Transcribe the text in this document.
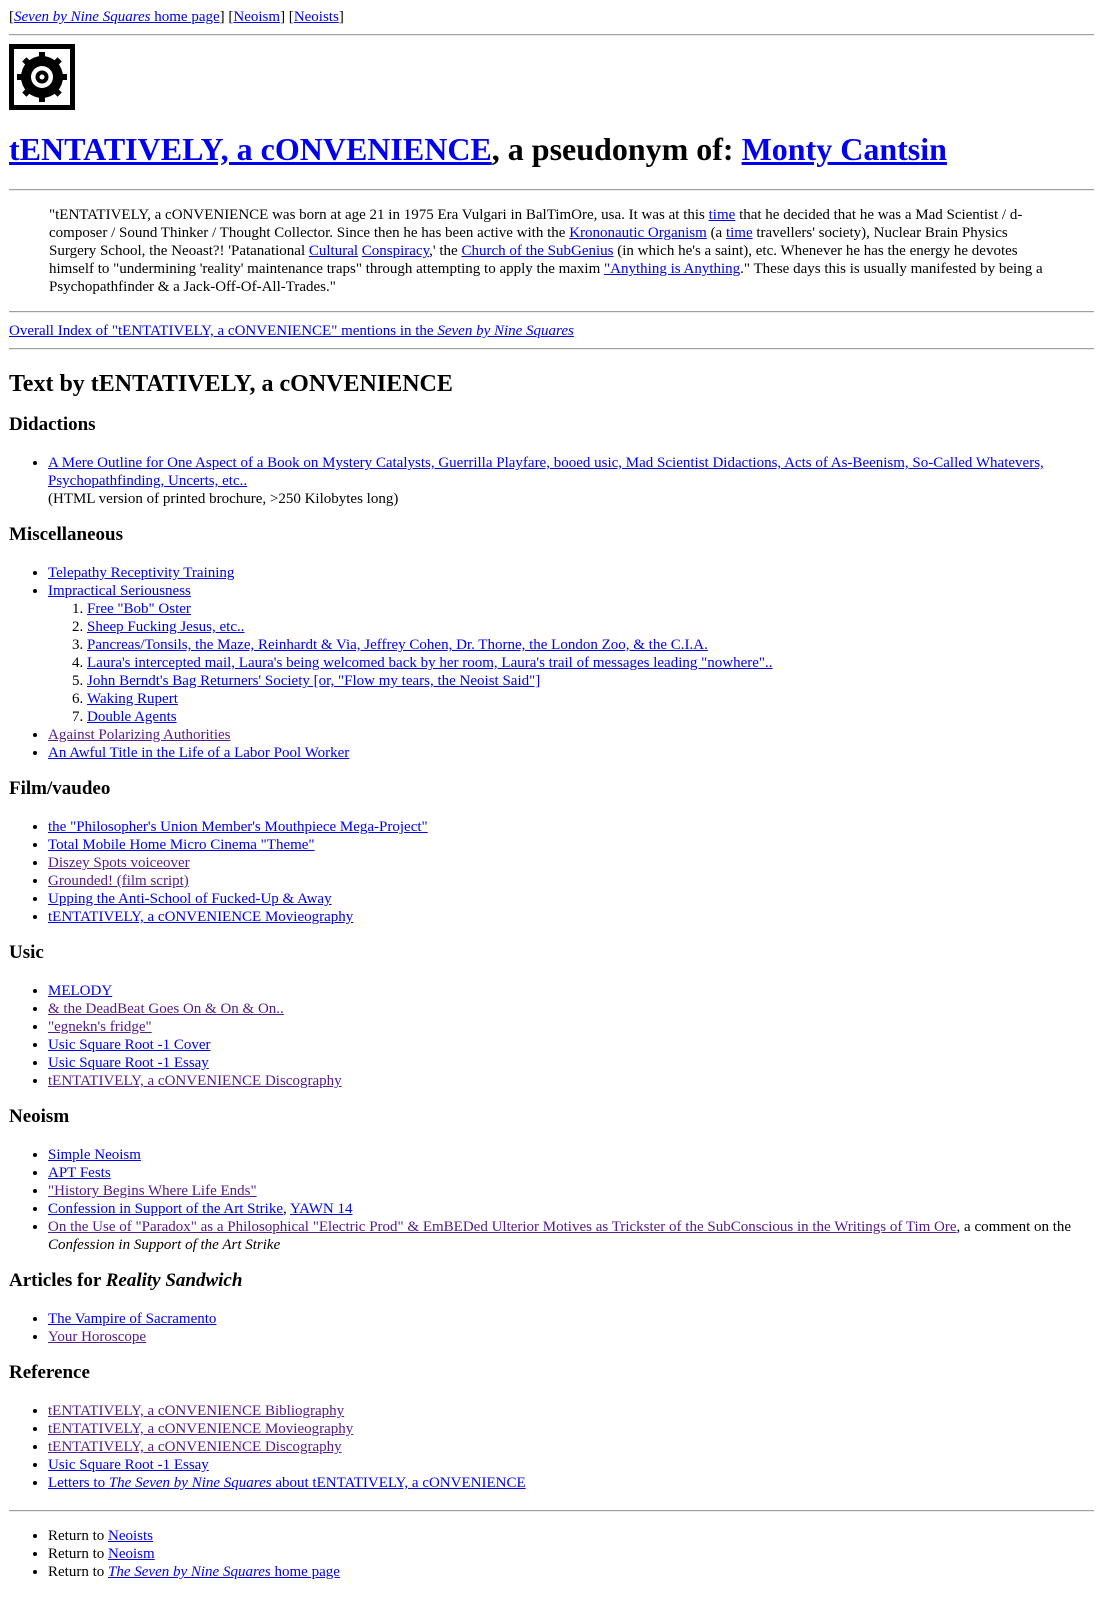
[Seven by Nine Squares home page] [Neoism] [Neoists]
tENTATIVELY, a cONVENIENCE, a pseudonym of: Monty Cantsin
"tENTATIVELY, a cONVENIENCE was born at age 21 in 1975 Era Vulgari in BalTimOre, usa. It was at this time that he decided that he was a Mad Scientist / d-composer / Sound Thinker / Thought Collector. Since then he has been active with the Krononautic Organism (a time travellers' society), Nuclear Brain Physics Surgery School, the Neoast?! 'Patanational Cultural Conspiracy,' the Church of the SubGenius (in which he's a saint), etc. Whenever he has the energy he devotes himself to "undermining 'reality' maintenance traps" through attempting to apply the maxim "Anything is Anything." These days this is usually manifested by being a Psychopathfinder & a Jack-Off-Of-All-Trades."
Overall Index of "tENTATIVELY, a cONVENIENCE" mentions in the Seven by Nine Squares
Text by tENTATIVELY, a cONVENIENCE
Didactions
• A Mere Outline for One Aspect of a Book on Mystery Catalysts, Guerrilla Playfare, booed usic, Mad Scientist Didactions, Acts of As-Beenism, So-Called Whatevers, Psychopathfinding, Uncerts, etc..
(HTML version of printed brochure, >250 Kilobytes long)
Miscellaneous
• Telepathy Receptivity Training
• Impractical Seriousness
1. Free "Bob" Oster
2. Sheep Fucking Jesus, etc..
3. Pancreas/Tonsils, the Maze, Reinhardt & Via, Jeffrey Cohen, Dr. Thorne, the London Zoo, & the C.I.A.
4. Laura's intercepted mail, Laura's being welcomed back by her room, Laura's trail of messages leading "nowhere"..
5. John Berndt's Bag Returners' Society [or, "Flow my tears, the Neoist Said"]
6. Waking Rupert
7. Double Agents
• Against Polarizing Authorities
• An Awful Title in the Life of a Labor Pool Worker
Film/vaudeo
• the "Philosopher's Union Member's Mouthpiece Mega-Project"
• Total Mobile Home Micro Cinema "Theme"
• Diszey Spots voiceover
• Grounded! (film script)
• Upping the Anti-School of Fucked-Up & Away
• tENTATIVELY, a cONVENIENCE Movieography
Usic
• MELODY
• & the DeadBeat Goes On & On & On..
• "egnekn's fridge"
• Usic Square Root -1 Cover
• Usic Square Root -1 Essay
• tENTATIVELY, a cONVENIENCE Discography
Neoism
• Simple Neoism
• APT Fests
• "History Begins Where Life Ends"
• Confession in Support of the Art Strike, YAWN 14
• On the Use of "Paradox" as a Philosophical "Electric Prod" & EmBEDed Ulterior Motives as Trickster of the SubConscious in the Writings of Tim Ore, a comment on the Confession in Support of the Art Strike
Articles for Reality Sandwich
• The Vampire of Sacramento
• Your Horoscope
Reference
• tENTATIVELY, a cONVENIENCE Bibliography
• tENTATIVELY, a cONVENIENCE Movieography
• tENTATIVELY, a cONVENIENCE Discography
• Usic Square Root -1 Essay
• Letters to The Seven by Nine Squares about tENTATIVELY, a cONVENIENCE
• Return to Neoists
• Return to Neoism
• Return to The Seven by Nine Squares home page
